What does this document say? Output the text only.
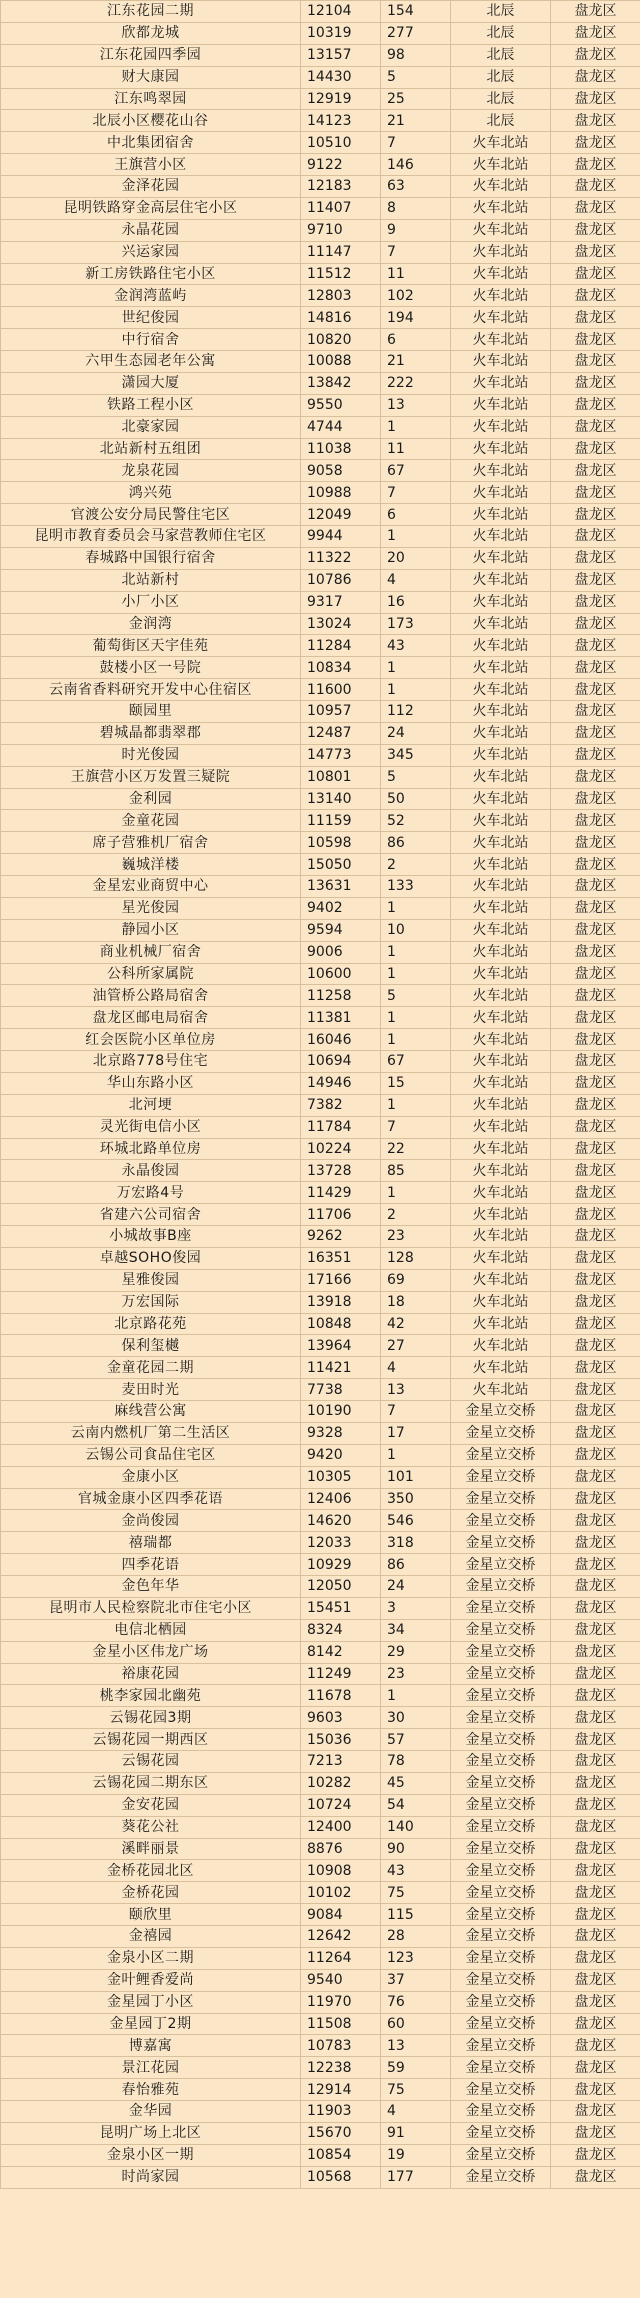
江东花园二期	12104	154	北辰	盘龙区
欣都龙城	10319	277	北辰	盘龙区
江东花园四季园	13157	98	北辰	盘龙区
财大康园	14430	5	北辰	盘龙区
江东鸣翠园	12919	25	北辰	盘龙区
北辰小区樱花山谷	14123	21	北辰	盘龙区
中北集团宿舍	10510	7	火车北站	盘龙区
王旗营小区	9122	146	火车北站	盘龙区
金泽花园	12183	63	火车北站	盘龙区
昆明铁路穿金高层住宅小区	11407	8	火车北站	盘龙区
永晶花园	9710	9	火车北站	盘龙区
兴运家园	11147	7	火车北站	盘龙区
新工房铁路住宅小区	11512	11	火车北站	盘龙区
金润湾蓝屿	12803	102	火车北站	盘龙区
世纪俊园	14816	194	火车北站	盘龙区
中行宿舍	10820	6	火车北站	盘龙区
六甲生态园老年公寓	10088	21	火车北站	盘龙区
潇园大厦	13842	222	火车北站	盘龙区
铁路工程小区	9550	13	火车北站	盘龙区
北豪家园	4744	1	火车北站	盘龙区
北站新村五组团	11038	11	火车北站	盘龙区
龙泉花园	9058	67	火车北站	盘龙区
鸿兴苑	10988	7	火车北站	盘龙区
官渡公安分局民警住宅区	12049	6	火车北站	盘龙区
昆明市教育委员会马家营教师住宅区	9944	1	火车北站	盘龙区
春城路中国银行宿舍	11322	20	火车北站	盘龙区
北站新村	10786	4	火车北站	盘龙区
小厂小区	9317	16	火车北站	盘龙区
金润湾	13024	173	火车北站	盘龙区
葡萄街区天宇佳苑	11284	43	火车北站	盘龙区
鼓楼小区一号院	10834	1	火车北站	盘龙区
云南省香料研究开发中心住宿区	11600	1	火车北站	盘龙区
颐园里	10957	112	火车北站	盘龙区
碧城晶都翡翠郡	12487	24	火车北站	盘龙区
时光俊园	14773	345	火车北站	盘龙区
王旗营小区万发置三疑院	10801	5	火车北站	盘龙区
金利园	13140	50	火车北站	盘龙区
金童花园	11159	52	火车北站	盘龙区
席子营雅机厂宿舍	10598	86	火车北站	盘龙区
巍城洋楼	15050	2	火车北站	盘龙区
金星宏业商贸中心	13631	133	火车北站	盘龙区
星光俊园	9402	1	火车北站	盘龙区
静园小区	9594	10	火车北站	盘龙区
商业机械厂宿舍	9006	1	火车北站	盘龙区
公科所家属院	10600	1	火车北站	盘龙区
油管桥公路局宿舍	11258	5	火车北站	盘龙区
盘龙区邮电局宿舍	11381	1	火车北站	盘龙区
红会医院小区单位房	16046	1	火车北站	盘龙区
北京路778号住宅	10694	67	火车北站	盘龙区
华山东路小区	14946	15	火车北站	盘龙区
北河埂	7382	1	火车北站	盘龙区
灵光街电信小区	11784	7	火车北站	盘龙区
环城北路单位房	10224	22	火车北站	盘龙区
永晶俊园	13728	85	火车北站	盘龙区
万宏路4号	11429	1	火车北站	盘龙区
省建六公司宿舍	11706	2	火车北站	盘龙区
小城故事B座	9262	23	火车北站	盘龙区
卓越SOHO俊园	16351	128	火车北站	盘龙区
星雅俊园	17166	69	火车北站	盘龙区
万宏国际	13918	18	火车北站	盘龙区
北京路花苑	10848	42	火车北站	盘龙区
保利玺樾	13964	27	火车北站	盘龙区
金童花园二期	11421	4	火车北站	盘龙区
麦田时光	7738	13	火车北站	盘龙区
麻线营公寓	10190	7	金星立交桥	盘龙区
云南内燃机厂第二生活区	9328	17	金星立交桥	盘龙区
云锡公司食品住宅区	9420	1	金星立交桥	盘龙区
金康小区	10305	101	金星立交桥	盘龙区
官城金康小区四季花语	12406	350	金星立交桥	盘龙区
金尚俊园	14620	546	金星立交桥	盘龙区
禧瑞都	12033	318	金星立交桥	盘龙区
四季花语	10929	86	金星立交桥	盘龙区
金色年华	12050	24	金星立交桥	盘龙区
昆明市人民检察院北市住宅小区	15451	3	金星立交桥	盘龙区
电信北栖园	8324	34	金星立交桥	盘龙区
金星小区伟龙广场	8142	29	金星立交桥	盘龙区
裕康花园	11249	23	金星立交桥	盘龙区
桃李家园北幽苑	11678	1	金星立交桥	盘龙区
云锡花园3期	9603	30	金星立交桥	盘龙区
云锡花园一期西区	15036	57	金星立交桥	盘龙区
云锡花园	7213	78	金星立交桥	盘龙区
云锡花园二期东区	10282	45	金星立交桥	盘龙区
金安花园	10724	54	金星立交桥	盘龙区
葵花公社	12400	140	金星立交桥	盘龙区
溪畔丽景	8876	90	金星立交桥	盘龙区
金桥花园北区	10908	43	金星立交桥	盘龙区
金桥花园	10102	75	金星立交桥	盘龙区
颐欣里	9084	115	金星立交桥	盘龙区
金禧园	12642	28	金星立交桥	盘龙区
金泉小区二期	11264	123	金星立交桥	盘龙区
金叶鲤香爱尚	9540	37	金星立交桥	盘龙区
金星园丁小区	11970	76	金星立交桥	盘龙区
金星园丁2期	11508	60	金星立交桥	盘龙区
博嘉寓	10783	13	金星立交桥	盘龙区
景江花园	12238	59	金星立交桥	盘龙区
春怡雅苑	12914	75	金星立交桥	盘龙区
金华园	11903	4	金星立交桥	盘龙区
昆明广场上北区	15670	91	金星立交桥	盘龙区
金泉小区一期	10854	19	金星立交桥	盘龙区
时尚家园	10568	177	金星立交桥	盘龙区
